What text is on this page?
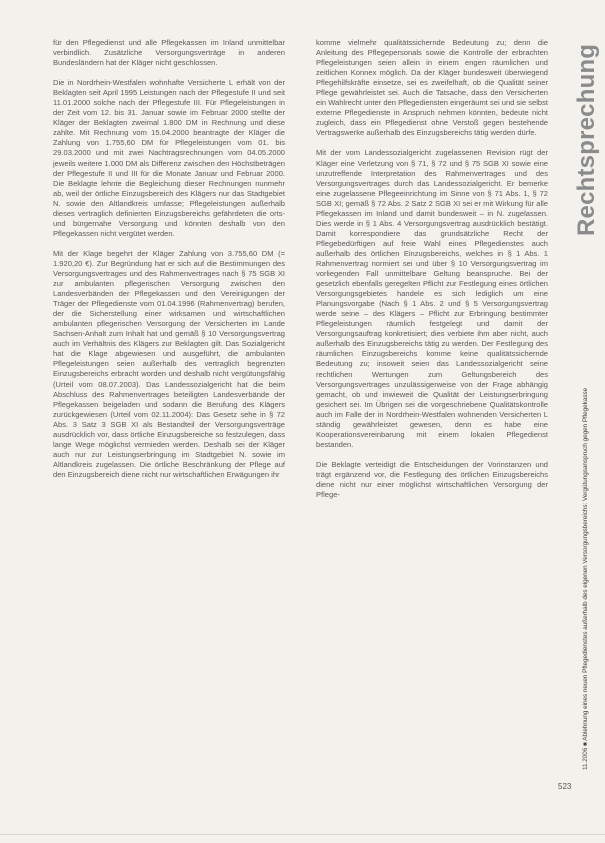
für den Pflegedienst und alle Pflegekassen im Inland unmittelbar verbindlich. Zusätzliche Versorgungsverträge in anderen Bundesländern hat der Kläger nicht geschlossen.

Die in Nordrhein-Westfalen wohnhafte Versicherte L erhält von der Beklagten seit April 1995 Leistungen nach der Pflegestufe II und seit 11.01.2000 solche nach der Pflegestufe III. Für Pflegeleistungen in der Zeit vom 12. bis 31. Januar sowie im Februar 2000 stellte der Kläger der Beklagten zweimal 1.800 DM in Rechnung und diese zahlte. Mit Rechnung vom 15.04.2000 beantragte der Kläger die Zahlung von 1.755,60 DM für Pflegeleistungen vom 01. bis 29.03.2000 und mit zwei Nachtragsrechnungen vom 04.05.2000 jeweils weitere 1.000 DM als Differenz zwischen den Höchstbeträgen der Pflegestufe II und III für die Monate Januar und Februar 2000. Die Beklagte lehnte die Begleichung dieser Rechnungen nunmehr ab, weil der örtliche Einzugsbereich des Klägers nur das Stadtgebiet N. sowie den Altlandkreis umfasse; Pflegeleistungen außerhalb dieses vertraglich definierten Einzugsbereichs gefährdeten die orts- und bürgernahe Versorgung und könnten deshalb von den Pflegekassen nicht vergütet werden.

Mit der Klage begehrt der Kläger Zahlung von 3.755,60 DM (= 1.920,20 €). Zur Begründung hat er sich auf die Bestimmungen des Versorgungsvertrages und des Rahmenvertrages nach § 75 SGB XI zur ambulanten pflegerischen Versorgung zwischen den Landesverbänden der Pflegekassen und den Vereinigungen der Träger der Pflegedienste vom 01.04.1996 (Rahmenvertrag) berufen, der die Sicherstellung einer wirksamen und wirtschaftlichen ambulanten pflegerischen Versorgung der Versicherten im Lande Sachsen-Anhalt zum Inhalt hat und gemäß § 10 Versorgungsvertrag auch im Verhältnis des Klägers zur Beklagten gilt. Das Sozialgericht hat die Klage abgewiesen und ausgeführt, die ambulanten Pflegeleistungen seien außerhalb des vertraglich begrenzten Einzugsbereichs erbracht worden und deshalb nicht vergütungsfähig (Urteil vom 08.07.2003). Das Landessozialgericht hat die beim Abschluss des Rahmenvertrages beteiligten Landesverbände der Pflegekassen beigeladen und sodann die Berufung des Klägers zurückgewiesen (Urteil vom 02.11.2004): Das Gesetz sehe in § 72 Abs. 3 Satz 3 SGB XI als Bestandteil der Versorgungsverträge ausdrücklich vor, dass örtliche Einzugsbereiche so festzulegen, dass lange Wege möglichst vermieden werden. Deshalb sei der Kläger auch nur zur Leistungserbringung im Stadtgebiet N. sowie im Altlandkreis zugelassen. Die örtliche Beschränkung der Pflege auf den Einzugsbereich diene nicht nur wirtschaftlichen Erwägungen ihr

komme vielmehr qualitätssichernde Bedeutung zu; denn die Anleitung des Pflegepersonals sowie die Kontrolle der erbrachten Pflegeleistungen seien allein in einem engen räumlichen und zeitlichen Konnex möglich. Da der Kläger bundesweit überwiegend Pflegehilfskräfte einsetze, sei es zweifelhaft, ob die Qualität seiner Pflege gewährleistet sei. Auch die Tatsache, dass den Versicherten ein Wahlrecht unter den Pflegediensten eingeräumt sei und sie selbst externe Pflegedienste in Anspruch nehmen könnten, bedeute nicht zugleich, dass ein Pflegedienst ohne Verstoß gegen bestehende Vertragswerke außerhalb des Einzugsbereichs tätig werden dürfe.

Mit der vom Landessozialgericht zugelassenen Revision rügt der Kläger eine Verletzung von § 71, § 72 und § 75 SGB XI sowie eine unzutreffende Interpretation des Rahmenvertrages und des Versorgungsvertrages durch das Landessozialgericht. Er bemerke eine zugelassene Pflegeeinrichtung im Sinne von § 71 Abs. 1, § 72 SGB XI; gemäß § 72 Abs. 2 Satz 2 SGB XI sei er mit Wirkung für alle Pflegekassen im Inland und damit bundesweit – in N. zugelassen. Dies werde in § 1 Abs. 4 Versorgungsvertrag ausdrücklich bestätigt. Damit korrespondiere das grundsätzliche Recht der Pflegebedürftigen auf freie Wahl eines Pflegedienstes auch außerhalb des örtlichen Einzugsbereichs, welches in § 1 Abs. 1 Rahmenvertrag normiert sei und über § 10 Versorgungsvertrag im vorliegenden Fall unmittelbare Geltung beanspruche. Bei der gesetzlich ebenfalls geregelten Pflicht zur Festlegung eines örtlichen Versorgungsgebietes handele es sich lediglich um eine Planungsvorgabe (Nach § 1 Abs. 2 und § 5 Versorgungsvertrag werde seine – des Klägers – Pflicht zur Erbringung bestimmter Pflegeleistungen räumlich festgelegt und damit der Versorgungsauftrag konkretisiert; dies verbiete ihm aber nicht, auch außerhalb des Einzugsbereichs tätig zu werden. Der Festlegung des räumlichen Einzugsbereichs komme keine qualitätssichernde Bedeutung zu; insoweit seien das Landessozialgericht seine rechtlichen Wertungen zum Geltungsbereich des Versorgungsvertrages unzulässigerweise von der Frage abhängig gemacht, ob und inwieweit die Qualität der Leistungserbringung gesichert sei. Im Übrigen sei die vorgeschriebene Qualitätskontrolle auch im Falle der in Nordrhein-Westfalen wohnenden Versicherten L ständig gewährleistet gewesen, denn es habe eine Kooperationsvereinbarung mit einem lokalen Pflegedienst bestanden.

Die Beklagte verteidigt die Entscheidungen der Vorinstanzen und trägt ergänzend vor, die Festlegung des örtlichen Einzugsbereichs diene nicht nur einer möglichst wirtschaftlichen Versorgung der Pflege-

Rechtsprechung
11.2006 ■ Ablehnung eines neuen Pflegedienstes außerhalb des eigenen Versorgungsbereichs: Vergütungsanspruch gegen Pflegekasse
523
